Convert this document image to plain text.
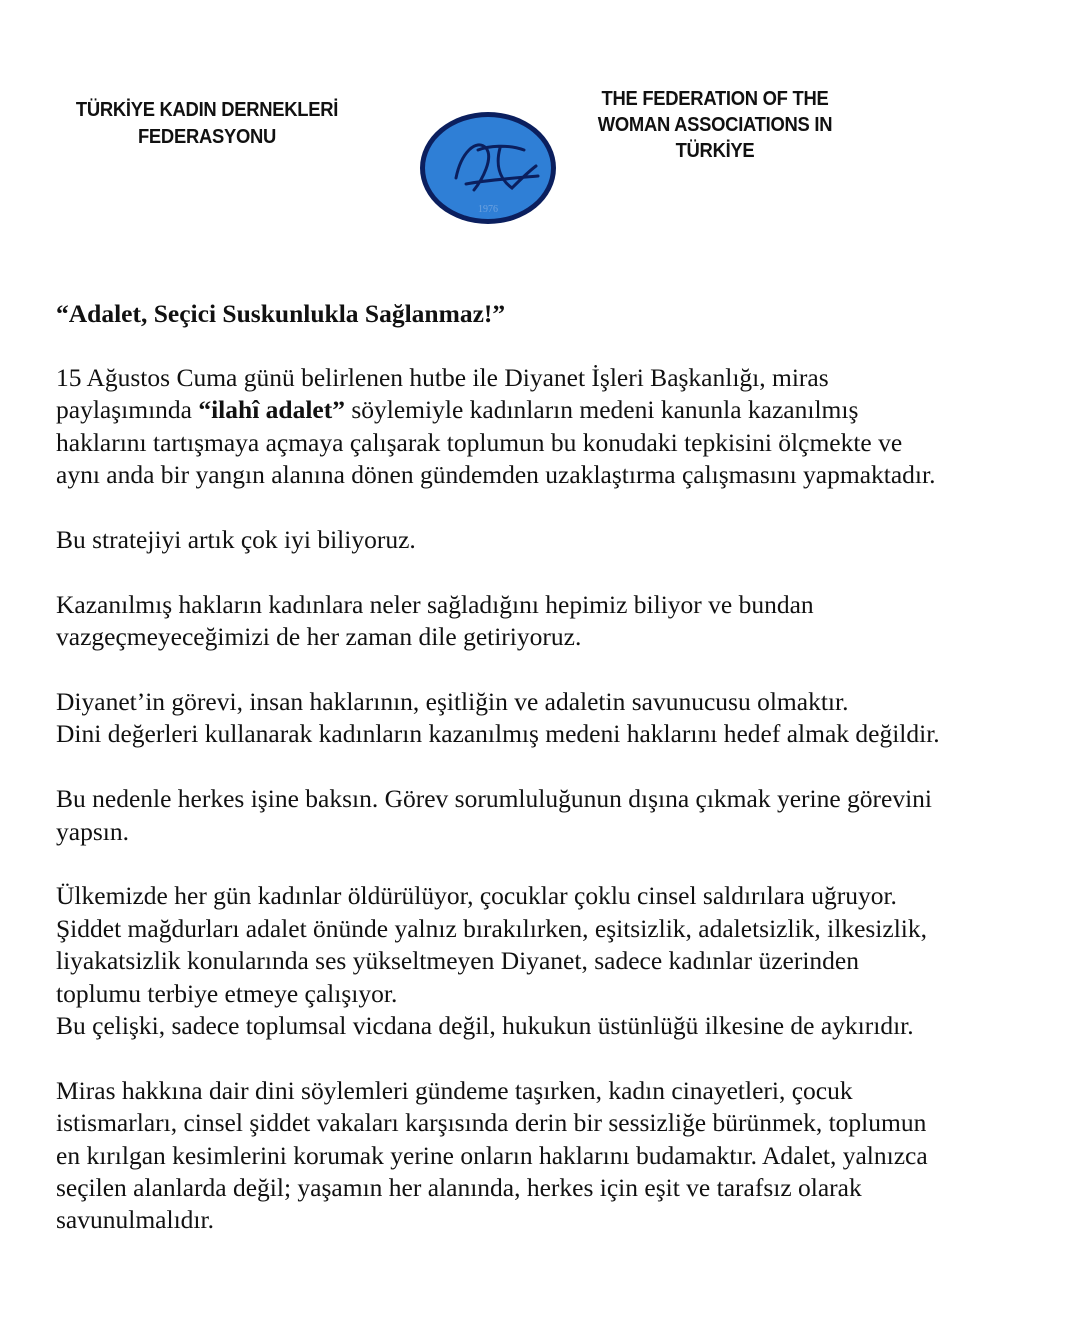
TÜRKİYE KADIN DERNEKLERİ
FEDERASYONU
1976
THE FEDERATION OF THE
WOMAN ASSOCIATIONS IN
TÜRKİYE
“Adalet, Seçici Suskunlukla Sağlanmaz!”
15 Ağustos Cuma günü belirlenen hutbe ile Diyanet İşleri Başkanlığı, miras
paylaşımında “ilahî adalet” söylemiyle kadınların medeni kanunla kazanılmış
haklarını tartışmaya açmaya çalışarak toplumun bu konudaki tepkisini ölçmekte ve
aynı anda bir yangın alanına dönen gündemden uzaklaştırma çalışmasını yapmaktadır.
Bu stratejiyi artık çok iyi biliyoruz.
Kazanılmış hakların kadınlara neler sağladığını hepimiz biliyor ve bundan
vazgeçmeyeceğimizi de her zaman dile getiriyoruz.
Diyanet’in görevi, insan haklarının, eşitliğin ve adaletin savunucusu olmaktır.
Dini değerleri kullanarak kadınların kazanılmış medeni haklarını hedef almak değildir.
Bu nedenle herkes işine baksın. Görev sorumluluğunun dışına çıkmak yerine görevini
yapsın.
Ülkemizde her gün kadınlar öldürülüyor, çocuklar çoklu cinsel saldırılara uğruyor.
Şiddet mağdurları adalet önünde yalnız bırakılırken, eşitsizlik, adaletsizlik, ilkesizlik,
liyakatsizlik konularında ses yükseltmeyen Diyanet, sadece kadınlar üzerinden
toplumu terbiye etmeye çalışıyor.
Bu çelişki, sadece toplumsal vicdana değil, hukukun üstünlüğü ilkesine de aykırıdır.
Miras hakkına dair dini söylemleri gündeme taşırken, kadın cinayetleri, çocuk
istismarları, cinsel şiddet vakaları karşısında derin bir sessizliğe bürünmek, toplumun
en kırılgan kesimlerini korumak yerine onların haklarını budamaktır. Adalet, yalnızca
seçilen alanlarda değil; yaşamın her alanında, herkes için eşit ve tarafsız olarak
savunulmalıdır.
